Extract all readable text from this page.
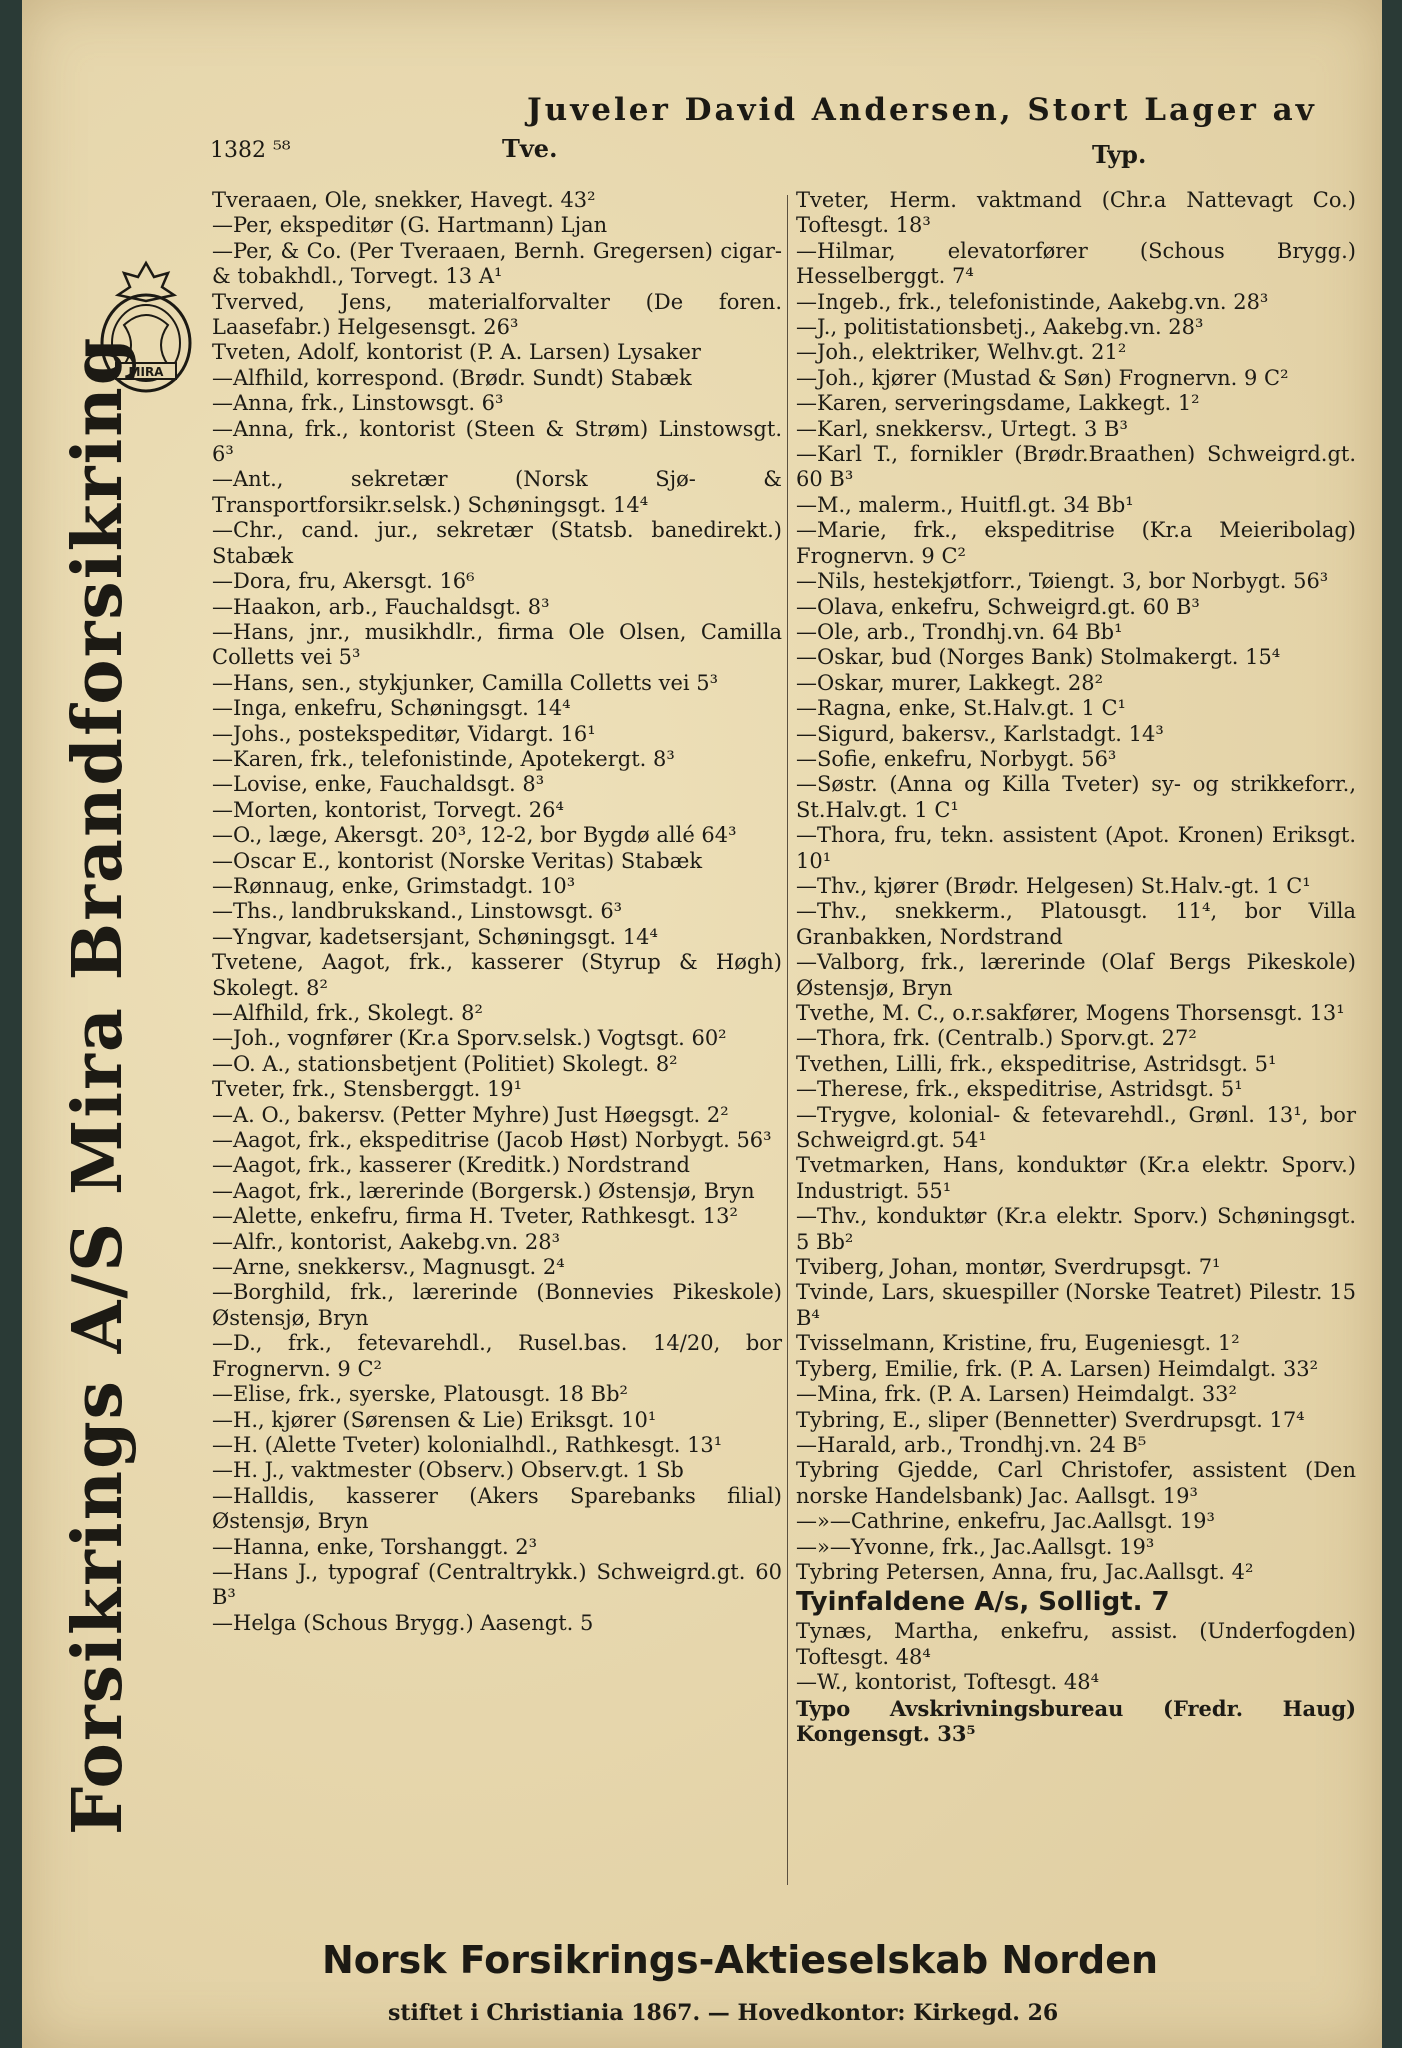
Juveler David Andersen, Stort Lager av
1382 ⁵⁸	Tve.	Typ.
MIRA
Forsikrings A/S Mira Brandforsikring
Tveraaen, Ole, snekker, Havegt. 43²
—Per, ekspeditør (G. Hartmann) Ljan
—Per, & Co. (Per Tveraaen, Bernh. Gregersen) cigar- & tobakhdl., Torvegt. 13 A¹
Tverved, Jens, materialforvalter (De foren. Laasefabr.) Helgesensgt. 26³
Tveten, Adolf, kontorist (P. A. Larsen) Lysaker
—Alfhild, korrespond. (Brødr. Sundt) Stabæk
—Anna, frk., Linstowsgt. 6³
—Anna, frk., kontorist (Steen & Strøm) Linstowsgt. 6³
—Ant., sekretær (Norsk Sjø- & Transportforsikr.selsk.) Schøningsgt. 14⁴
—Chr., cand. jur., sekretær (Statsb. banedirekt.) Stabæk
—Dora, fru, Akersgt. 16⁶
—Haakon, arb., Fauchaldsgt. 8³
—Hans, jnr., musikhdlr., firma Ole Olsen, Camilla Colletts vei 5³
—Hans, sen., stykjunker, Camilla Colletts vei 5³
—Inga, enkefru, Schøningsgt. 14⁴
—Johs., postekspeditør, Vidargt. 16¹
—Karen, frk., telefonistinde, Apotekergt. 8³
—Lovise, enke, Fauchaldsgt. 8³
—Morten, kontorist, Torvegt. 26⁴
—O., læge, Akersgt. 20³, 12-2, bor Bygdø allé 64³
—Oscar E., kontorist (Norske Veritas) Stabæk
—Rønnaug, enke, Grimstadgt. 10³
—Ths., landbrukskand., Linstowsgt. 6³
—Yngvar, kadetsersjant, Schøningsgt. 14⁴
Tvetene, Aagot, frk., kasserer (Styrup & Høgh) Skolegt. 8²
—Alfhild, frk., Skolegt. 8²
—Joh., vognfører (Kr.a Sporv.selsk.) Vogtsgt. 60²
—O. A., stationsbetjent (Politiet) Skolegt. 8²
Tveter, frk., Stensberggt. 19¹
—A. O., bakersv. (Petter Myhre) Just Høegsgt. 2²
—Aagot, frk., ekspeditrise (Jacob Høst) Norbygt. 56³
—Aagot, frk., kasserer (Kreditk.) Nordstrand
—Aagot, frk., lærerinde (Borgersk.) Østensjø, Bryn
—Alette, enkefru, firma H. Tveter, Rathkesgt. 13²
—Alfr., kontorist, Aakebg.vn. 28³
—Arne, snekkersv., Magnusgt. 2⁴
—Borghild, frk., lærerinde (Bonnevies Pikeskole) Østensjø, Bryn
—D., frk., fetevarehdl., Rusel.bas. 14/20, bor Frognervn. 9 C²
—Elise, frk., syerske, Platousgt. 18 Bb²
—H., kjører (Sørensen & Lie) Eriksgt. 10¹
—H. (Alette Tveter) kolonialhdl., Rathkesgt. 13¹
—H. J., vaktmester (Observ.) Observ.gt. 1 Sb
—Halldis, kasserer (Akers Sparebanks filial) Østensjø, Bryn
—Hanna, enke, Torshanggt. 2³
—Hans J., typograf (Centraltrykk.) Schweigrd.gt. 60 B³
—Helga (Schous Brygg.) Aasengt. 5
Tveter, Herm. vaktmand (Chr.a Nattevagt Co.) Toftesgt. 18³
—Hilmar, elevatorfører (Schous Brygg.) Hesselberggt. 7⁴
—Ingeb., frk., telefonistinde, Aakebg.vn. 28³
—J., politistationsbetj., Aakebg.vn. 28³
—Joh., elektriker, Welhv.gt. 21²
—Joh., kjører (Mustad & Søn) Frognervn. 9 C²
—Karen, serveringsdame, Lakkegt. 1²
—Karl, snekkersv., Urtegt. 3 B³
—Karl T., fornikler (Brødr.Braathen) Schweigrd.gt. 60 B³
—M., malerm., Huitfl.gt. 34 Bb¹
—Marie, frk., ekspeditrise (Kr.a Meieribolag) Frognervn. 9 C²
—Nils, hestekjøtforr., Tøiengt. 3, bor Norbygt. 56³
—Olava, enkefru, Schweigrd.gt. 60 B³
—Ole, arb., Trondhj.vn. 64 Bb¹
—Oskar, bud (Norges Bank) Stolmakergt. 15⁴
—Oskar, murer, Lakkegt. 28²
—Ragna, enke, St.Halv.gt. 1 C¹
—Sigurd, bakersv., Karlstadgt. 14³
—Sofie, enkefru, Norbygt. 56³
—Søstr. (Anna og Killa Tveter) sy- og strikkeforr., St.Halv.gt. 1 C¹
—Thora, fru, tekn. assistent (Apot. Kronen) Eriksgt. 10¹
—Thv., kjører (Brødr. Helgesen) St.Halv.-gt. 1 C¹
—Thv., snekkerm., Platousgt. 11⁴, bor Villa Granbakken, Nordstrand
—Valborg, frk., lærerinde (Olaf Bergs Pikeskole) Østensjø, Bryn
Tvethe, M. C., o.r.sakfører, Mogens Thorsensgt. 13¹
—Thora, frk. (Centralb.) Sporv.gt. 27²
Tvethen, Lilli, frk., ekspeditrise, Astridsgt. 5¹
—Therese, frk., ekspeditrise, Astridsgt. 5¹
—Trygve, kolonial- & fetevarehdl., Grønl. 13¹, bor Schweigrd.gt. 54¹
Tvetmarken, Hans, konduktør (Kr.a elektr. Sporv.) Industrigt. 55¹
—Thv., konduktør (Kr.a elektr. Sporv.) Schøningsgt. 5 Bb²
Tviberg, Johan, montør, Sverdrupsgt. 7¹
Tvinde, Lars, skuespiller (Norske Teatret) Pilestr. 15 B⁴
Tvisselmann, Kristine, fru, Eugeniesgt. 1²
Tyberg, Emilie, frk. (P. A. Larsen) Heimdalgt. 33²
—Mina, frk. (P. A. Larsen) Heimdalgt. 33²
Tybring, E., sliper (Bennetter) Sverdrupsgt. 17⁴
—Harald, arb., Trondhj.vn. 24 B⁵
Tybring Gjedde, Carl Christofer, assistent (Den norske Handelsbank) Jac. Aallsgt. 19³
—»—Cathrine, enkefru, Jac.Aallsgt. 19³
—»—Yvonne, frk., Jac.Aallsgt. 19³
Tybring Petersen, Anna, fru, Jac.Aallsgt. 4²
Tyinfaldene A/s, Solligt. 7
Tynæs, Martha, enkefru, assist. (Underfogden) Toftesgt. 48⁴
—W., kontorist, Toftesgt. 48⁴
Typo Avskrivningsbureau (Fredr. Haug) Kongensgt. 33⁵
Norsk Forsikrings-Aktieselskab Norden
stiftet i Christiania 1867. — Hovedkontor: Kirkegd. 26
